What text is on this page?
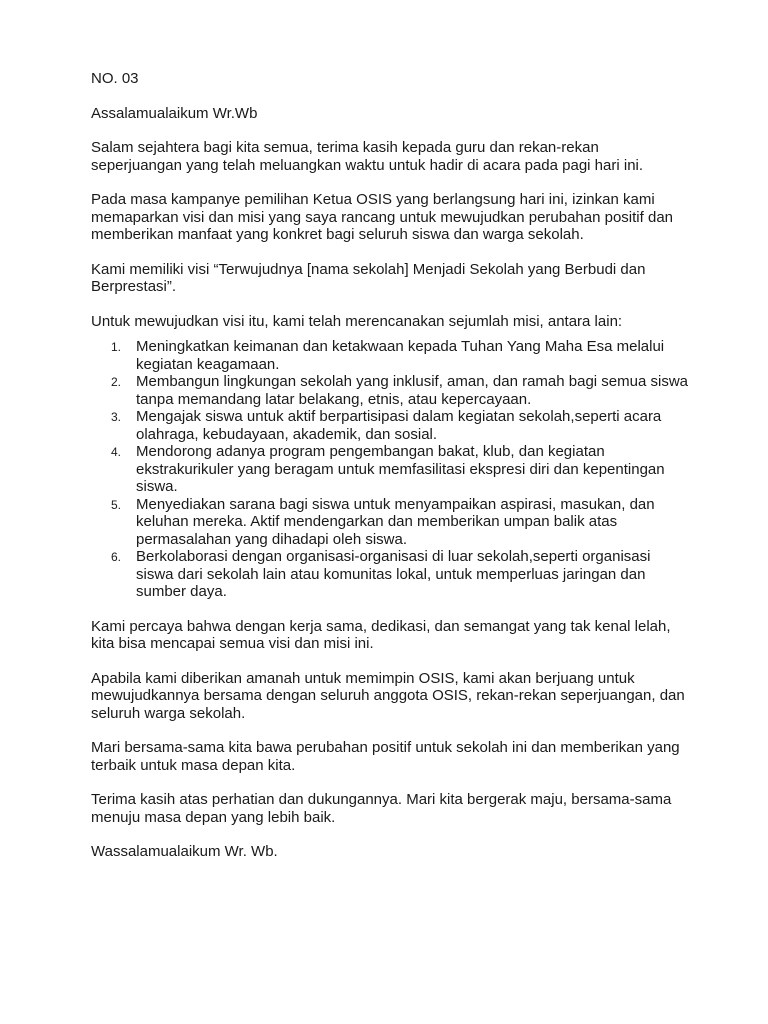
NO. 03

Assalamualaikum Wr.Wb

Salam sejahtera bagi kita semua, terima kasih kepada guru dan rekan-rekan seperjuangan yang telah meluangkan waktu untuk hadir di acara pada pagi hari ini.

Pada masa kampanye pemilihan Ketua OSIS yang berlangsung hari ini, izinkan kami memaparkan visi dan misi yang saya rancang untuk mewujudkan perubahan positif dan memberikan manfaat yang konkret bagi seluruh siswa dan warga sekolah.

Kami memiliki visi “Terwujudnya [nama sekolah] Menjadi Sekolah yang Berbudi dan Berprestasi”.

Untuk mewujudkan visi itu, kami telah merencanakan sejumlah misi, antara lain:

1. Meningkatkan keimanan dan ketakwaan kepada Tuhan Yang Maha Esa melalui kegiatan keagamaan.
2. Membangun lingkungan sekolah yang inklusif, aman, dan ramah bagi semua siswa tanpa memandang latar belakang, etnis, atau kepercayaan.
3. Mengajak siswa untuk aktif berpartisipasi dalam kegiatan sekolah,seperti acara olahraga, kebudayaan, akademik, dan sosial.
4. Mendorong adanya program pengembangan bakat, klub, dan kegiatan ekstrakurikuler yang beragam untuk memfasilitasi ekspresi diri dan kepentingan siswa.
5. Menyediakan sarana bagi siswa untuk menyampaikan aspirasi, masukan, dan keluhan mereka. Aktif mendengarkan dan memberikan umpan balik atas permasalahan yang dihadapi oleh siswa.
6. Berkolaborasi dengan organisasi-organisasi di luar sekolah,seperti organisasi siswa dari sekolah lain atau komunitas lokal, untuk memperluas jaringan dan sumber daya.

Kami percaya bahwa dengan kerja sama, dedikasi, dan semangat yang tak kenal lelah, kita bisa mencapai semua visi dan misi ini.

Apabila kami diberikan amanah untuk memimpin OSIS, kami akan berjuang untuk mewujudkannya bersama dengan seluruh anggota OSIS, rekan-rekan seperjuangan, dan seluruh warga sekolah.

Mari bersama-sama kita bawa perubahan positif untuk sekolah ini dan memberikan yang terbaik untuk masa depan kita.

Terima kasih atas perhatian dan dukungannya. Mari kita bergerak maju, bersama-sama menuju masa depan yang lebih baik.

Wassalamualaikum Wr. Wb.
